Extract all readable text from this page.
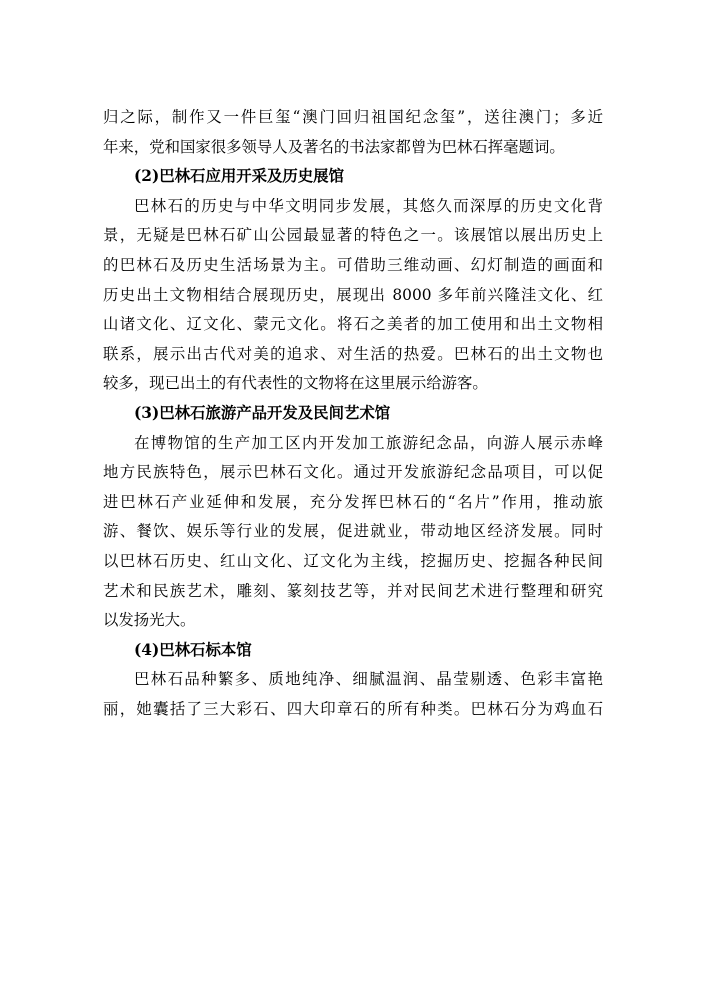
归之际，制作又一件巨玺“澳门回归祖国纪念玺”，送往澳门；多近
年来，党和国家很多领导人及著名的书法家都曾为巴林石挥毫题词。
(2)巴林石应用开采及历史展馆
巴林石的历史与中华文明同步发展，其悠久而深厚的历史文化背
景，无疑是巴林石矿山公园最显著的特色之一。该展馆以展出历史上
的巴林石及历史生活场景为主。可借助三维动画、幻灯制造的画面和
历史出土文物相结合展现历史，展现出 8000 多年前兴隆洼文化、红
山诸文化、辽文化、蒙元文化。将石之美者的加工使用和出土文物相
联系，展示出古代对美的追求、对生活的热爱。巴林石的出土文物也
较多，现已出土的有代表性的文物将在这里展示给游客。
(3)巴林石旅游产品开发及民间艺术馆
在博物馆的生产加工区内开发加工旅游纪念品，向游人展示赤峰
地方民族特色，展示巴林石文化。通过开发旅游纪念品项目，可以促
进巴林石产业延伸和发展，充分发挥巴林石的“名片”作用，推动旅
游、餐饮、娱乐等行业的发展，促进就业，带动地区经济发展。同时
以巴林石历史、红山文化、辽文化为主线，挖掘历史、挖掘各种民间
艺术和民族艺术，雕刻、篆刻技艺等，并对民间艺术进行整理和研究
以发扬光大。
(4)巴林石标本馆
巴林石品种繁多、质地纯净、细腻温润、晶莹剔透、色彩丰富艳
丽，她囊括了三大彩石、四大印章石的所有种类。巴林石分为鸡血石
